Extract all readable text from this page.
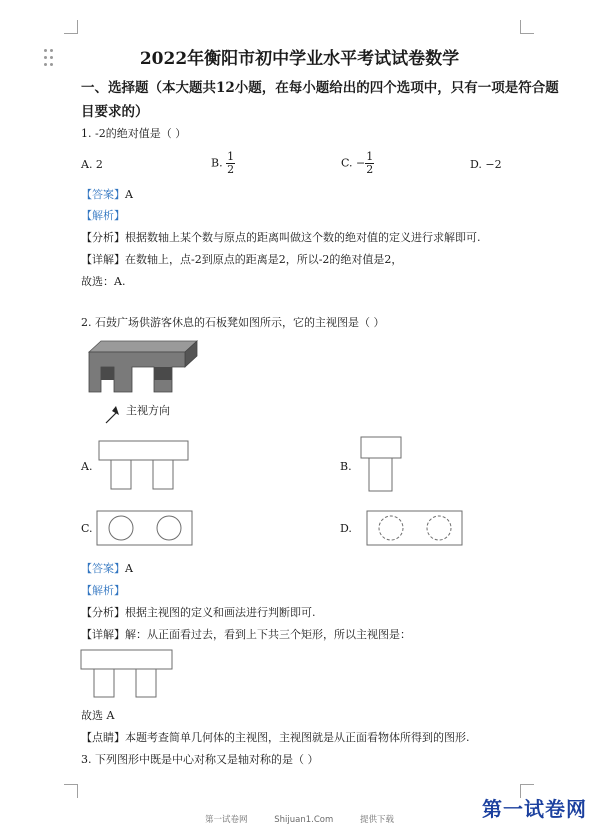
2022年衡阳市初中学业水平考试试卷数学
一、选择题（本大题共12小题，在每小题给出的四个选项中，只有一项是符合题目要求的）
1. -2的绝对值是（ ）
A. 2	B. $\frac{1}{2}$	C. − $\frac{1}{2}$	D. −2
【答案】A
【解析】
【分析】根据数轴上某个数与原点的距离叫做这个数的绝对值的定义进行求解即可.
【详解】在数轴上，点-2到原点的距离是2，所以-2的绝对值是2，
故选：A.
2. 石鼓广场供游客休息的石板凳如图所示，它的主视图是（ ）
主视方向
A.	B.
C.	D.
【答案】A
【解析】
【分析】根据主视图的定义和画法进行判断即可.
【详解】解：从正面看过去，看到上下共三个矩形，所以主视图是：
故选 A
【点睛】本题考查简单几何体的主视图，主视图就是从正面看物体所得到的图形.
3. 下列图形中既是中心对称又是轴对称的是（ ）
第一试卷网	Shijuan1.Com	提供下载	第一试卷网
